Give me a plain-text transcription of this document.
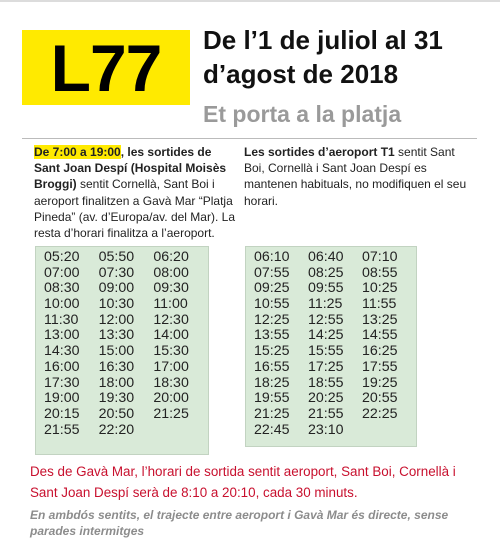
L77 De l’1 de juliol al 31
d’agost de 2018
Et porta a la platja
De 7:00 a 19:00, les sortides de Sant Joan Despí (Hospital Moisès Broggi) sentit Cornellà, Sant Boi i aeroport finalitzen a Gavà Mar “Platja Pineda” (av. d’Europa/av. del Mar). La resta d’horari finalitza a l’aeroport.
Les sortides d’aeroport T1 sentit Sant Boi, Cornellà i Sant Joan Despí es mantenen habituals, no modifiquen el seu horari.
05:20	05:50	06:20
07:00	07:30	08:00
08:30	09:00	09:30
10:00	10:30	11:00
11:30	12:00	12:30
13:00	13:30	14:00
14:30	15:00	15:30
16:00	16:30	17:00
17:30	18:00	18:30
19:00	19:30	20:00
20:15	20:50	21:25
21:55	22:20
06:10	06:40	07:10
07:55	08:25	08:55
09:25	09:55	10:25
10:55	11:25	11:55
12:25	12:55	13:25
13:55	14:25	14:55
15:25	15:55	16:25
16:55	17:25	17:55
18:25	18:55	19:25
19:55	20:25	20:55
21:25	21:55	22:25
22:45	23:10
Des de Gavà Mar, l’horari de sortida sentit aeroport, Sant Boi, Cornellà i Sant Joan Despí serà de 8:10 a 20:10, cada 30 minuts.
En ambdós sentits, el trajecte entre aeroport i Gavà Mar és directe, sense parades intermitges
